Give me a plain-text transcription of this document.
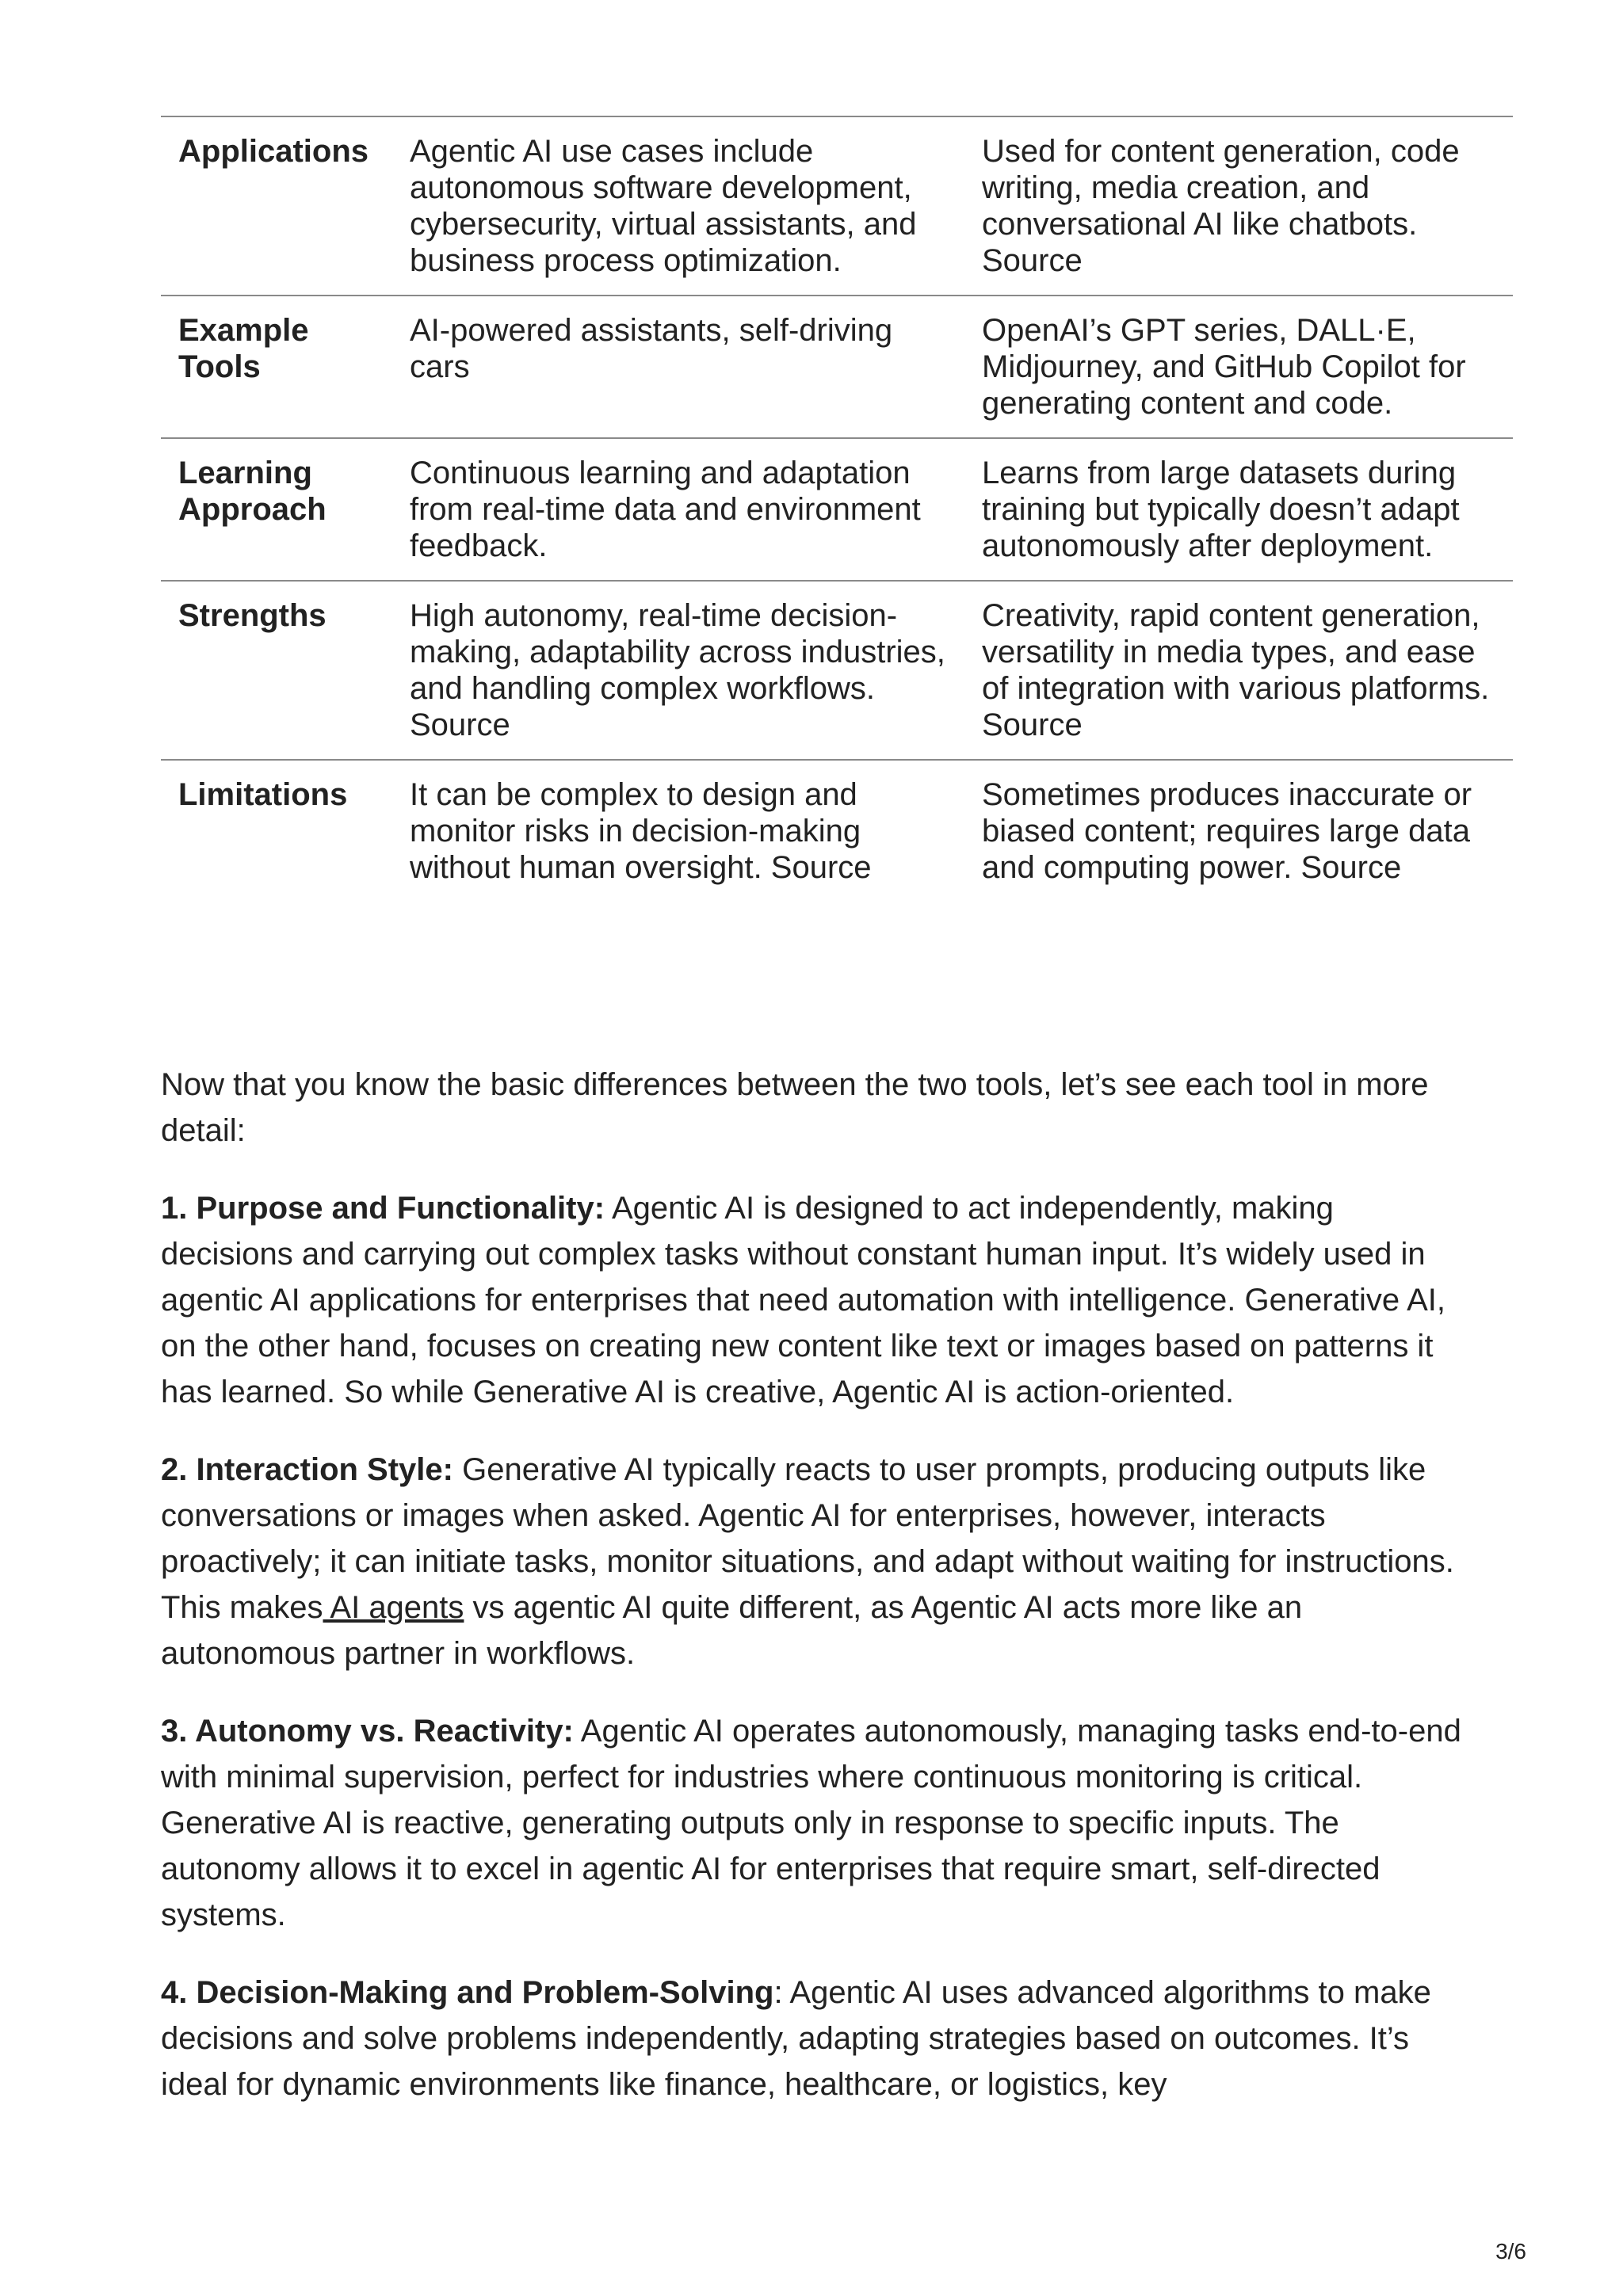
Applications	Agentic AI use cases include autonomous software development, cybersecurity, virtual assistants, and business process optimization.	Used for content generation, code writing, media creation, and conversational AI like chatbots. Source
Example Tools	AI-powered assistants, self-driving cars	OpenAI’s GPT series, DALL·E, Midjourney, and GitHub Copilot for generating content and code.
Learning Approach	Continuous learning and adaptation from real-time data and environment feedback.	Learns from large datasets during training but typically doesn’t adapt autonomously after deployment.
Strengths	High autonomy, real-time decision-making, adaptability across industries, and handling complex workflows. Source	Creativity, rapid content generation, versatility in media types, and ease of integration with various platforms. Source
Limitations	It can be complex to design and monitor risks in decision-making without human oversight. Source	Sometimes produces inaccurate or biased content; requires large data and computing power. Source

Now that you know the basic differences between the two tools, let’s see each tool in more detail:

1. Purpose and Functionality: Agentic AI is designed to act independently, making decisions and carrying out complex tasks without constant human input. It’s widely used in agentic AI applications for enterprises that need automation with intelligence. Generative AI, on the other hand, focuses on creating new content like text or images based on patterns it has learned. So while Generative AI is creative, Agentic AI is action-oriented.

2. Interaction Style: Generative AI typically reacts to user prompts, producing outputs like conversations or images when asked. Agentic AI for enterprises, however, interacts proactively; it can initiate tasks, monitor situations, and adapt without waiting for instructions. This makes AI agents vs agentic AI quite different, as Agentic AI acts more like an autonomous partner in workflows.

3. Autonomy vs. Reactivity: Agentic AI operates autonomously, managing tasks end-to-end with minimal supervision, perfect for industries where continuous monitoring is critical. Generative AI is reactive, generating outputs only in response to specific inputs. The autonomy allows it to excel in agentic AI for enterprises that require smart, self-directed systems.

4. Decision-Making and Problem-Solving: Agentic AI uses advanced algorithms to make decisions and solve problems independently, adapting strategies based on outcomes. It’s ideal for dynamic environments like finance, healthcare, or logistics, key

3/6
